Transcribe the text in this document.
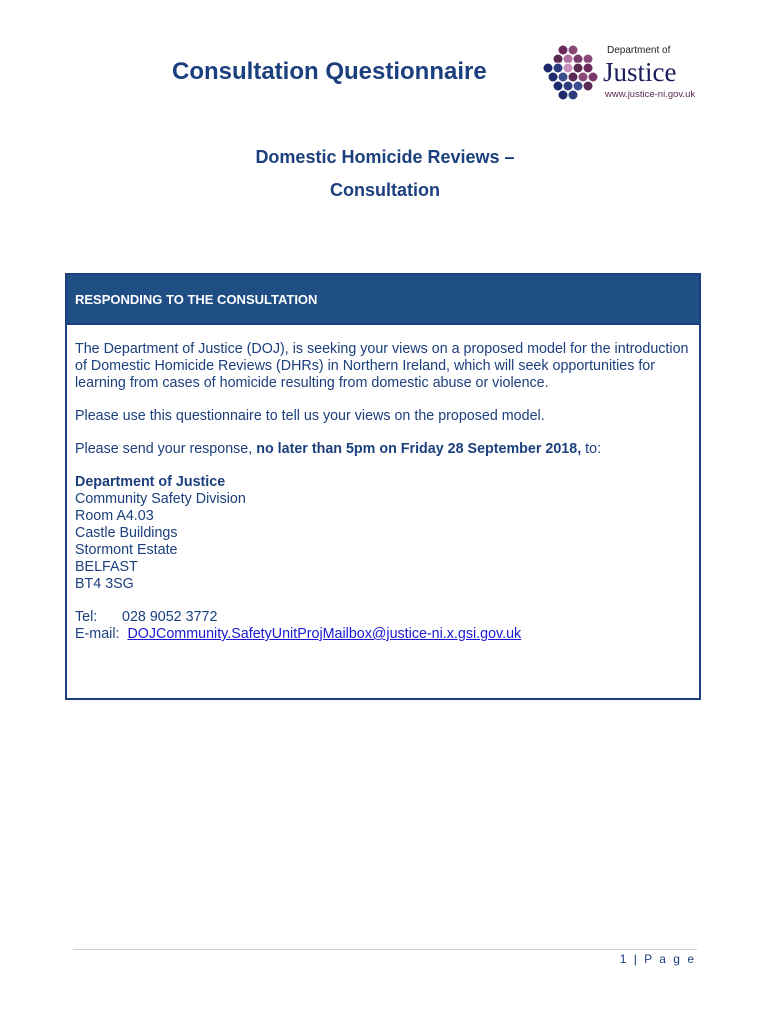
Consultation Questionnaire
Department of
Justice
www.justice-ni.gov.uk
Domestic Homicide Reviews –
Consultation
RESPONDING TO THE CONSULTATION

The Department of Justice (DOJ), is seeking your views on a proposed model for the introduction of Domestic Homicide Reviews (DHRs) in Northern Ireland, which will seek opportunities for learning from cases of homicide resulting from domestic abuse or violence.

Please use this questionnaire to tell us your views on the proposed model.

Please send your response, no later than 5pm on Friday 28 September 2018, to:

Department of Justice
Community Safety Division
Room A4.03
Castle Buildings
Stormont Estate
BELFAST
BT4 3SG
Tel: 028 9052 3772
E-mail: DOJCommunity.SafetyUnitProjMailbox@justice-ni.x.gsi.gov.uk
1 | P a g e
